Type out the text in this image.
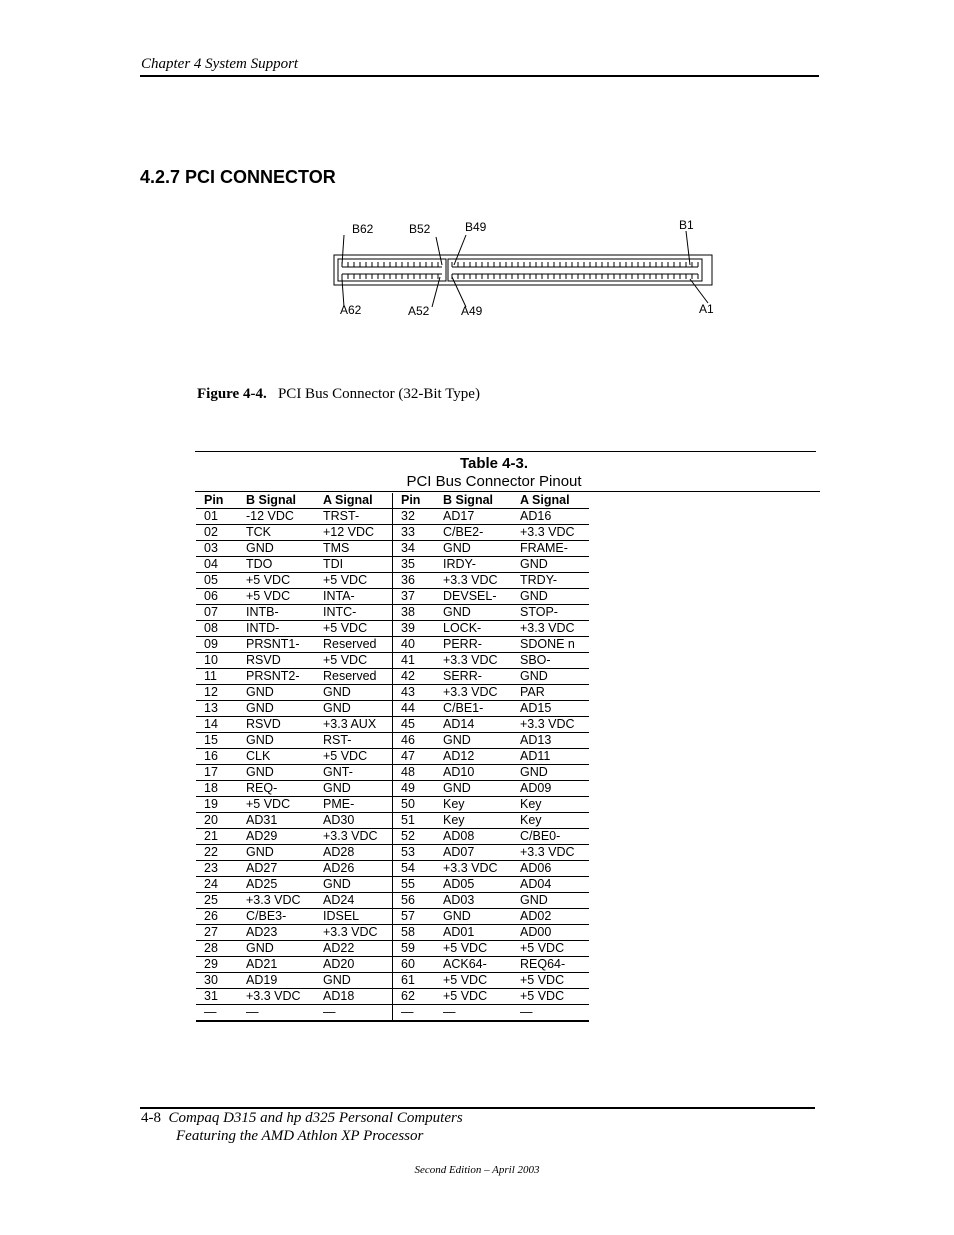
Chapter 4 System Support
4.2.7 PCI CONNECTOR
B62	B52	B49	B1
A62	A52	A49	A1
Figure 4-4. PCI Bus Connector (32-Bit Type)
Table 4-3.
PCI Bus Connector Pinout
Pin	B Signal	A Signal	Pin	B Signal	A Signal
01	-12 VDC	TRST-	32	AD17	AD16
02	TCK	+12 VDC	33	C/BE2-	+3.3 VDC
03	GND	TMS	34	GND	FRAME-
04	TDO	TDI	35	IRDY-	GND
05	+5 VDC	+5 VDC	36	+3.3 VDC	TRDY-
06	+5 VDC	INTA-	37	DEVSEL-	GND
07	INTB-	INTC-	38	GND	STOP-
08	INTD-	+5 VDC	39	LOCK-	+3.3 VDC
09	PRSNT1-	Reserved	40	PERR-	SDONE n
10	RSVD	+5 VDC	41	+3.3 VDC	SBO-
11	PRSNT2-	Reserved	42	SERR-	GND
12	GND	GND	43	+3.3 VDC	PAR
13	GND	GND	44	C/BE1-	AD15
14	RSVD	+3.3 AUX	45	AD14	+3.3 VDC
15	GND	RST-	46	GND	AD13
16	CLK	+5 VDC	47	AD12	AD11
17	GND	GNT-	48	AD10	GND
18	REQ-	GND	49	GND	AD09
19	+5 VDC	PME-	50	Key	Key
20	AD31	AD30	51	Key	Key
21	AD29	+3.3 VDC	52	AD08	C/BE0-
22	GND	AD28	53	AD07	+3.3 VDC
23	AD27	AD26	54	+3.3 VDC	AD06
24	AD25	GND	55	AD05	AD04
25	+3.3 VDC	AD24	56	AD03	GND
26	C/BE3-	IDSEL	57	GND	AD02
27	AD23	+3.3 VDC	58	AD01	AD00
28	GND	AD22	59	+5 VDC	+5 VDC
29	AD21	AD20	60	ACK64-	REQ64-
30	AD19	GND	61	+5 VDC	+5 VDC
31	+3.3 VDC	AD18	62	+5 VDC	+5 VDC
—	—	—	—	—	—
4-8 Compaq D315 and hp d325 Personal Computers
Featuring the AMD Athlon XP Processor
Second Edition – April 2003
